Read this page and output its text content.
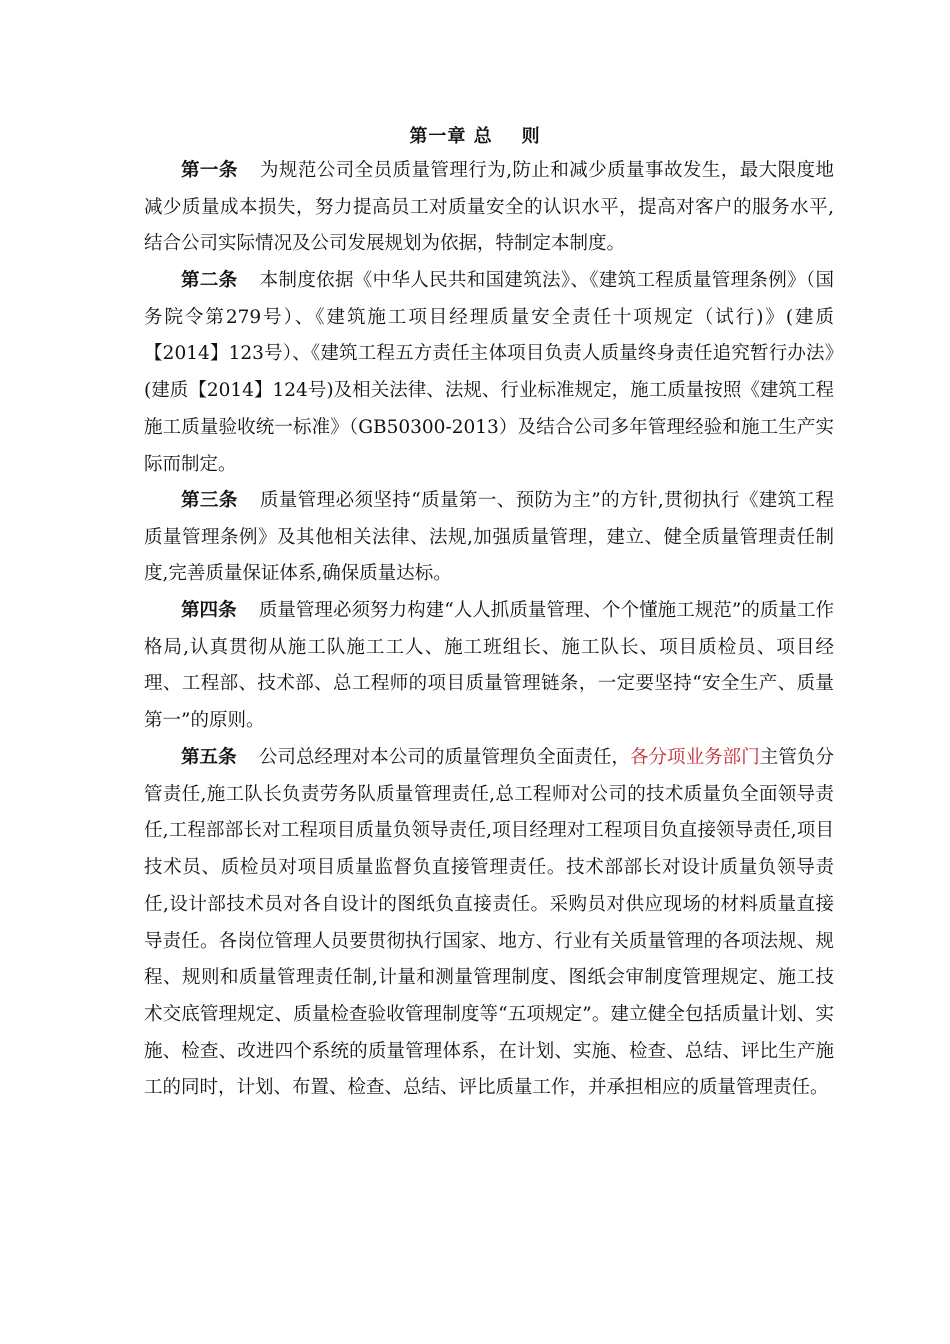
第一章 总    则

第一条 为规范公司全员质量管理行为,防止和减少质量事故发生，最大限度地减少质量成本损失，努力提高员工对质量安全的认识水平，提高对客户的服务水平,结合公司实际情况及公司发展规划为依据，特制定本制度。

第二条 本制度依据《中华人民共和国建筑法》、《建筑工程质量管理条例》（国务院令第279号）、《建筑施工项目经理质量安全责任十项规定（试行)》(建质【2014】123号）、《建筑工程五方责任主体项目负责人质量终身责任追究暂行办法》(建质【2014】124号)及相关法律、法规、行业标准规定，施工质量按照《建筑工程施工质量验收统一标准》（GB50300-2013）及结合公司多年管理经验和施工生产实际而制定。

第三条 质量管理必须坚持“质量第一、预防为主”的方针,贯彻执行《建筑工程质量管理条例》及其他相关法律、法规,加强质量管理，建立、健全质量管理责任制度,完善质量保证体系,确保质量达标。

第四条 质量管理必须努力构建“人人抓质量管理、个个懂施工规范”的质量工作格局,认真贯彻从施工队施工工人、施工班组长、施工队长、项目质检员、项目经理、工程部、技术部、总工程师的项目质量管理链条，一定要坚持“安全生产、质量第一”的原则。

第五条 公司总经理对本公司的质量管理负全面责任，各分项业务部门主管负分管责任,施工队长负责劳务队质量管理责任,总工程师对公司的技术质量负全面领导责任,工程部部长对工程项目质量负领导责任,项目经理对工程项目负直接领导责任,项目技术员、质检员对项目质量监督负直接管理责任。技术部部长对设计质量负领导责任,设计部技术员对各自设计的图纸负直接责任。采购员对供应现场的材料质量直接导责任。各岗位管理人员要贯彻执行国家、地方、行业有关质量管理的各项法规、规程、规则和质量管理责任制,计量和测量管理制度、图纸会审制度管理规定、施工技术交底管理规定、质量检查验收管理制度等“五项规定”。建立健全包括质量计划、实施、检查、改进四个系统的质量管理体系，在计划、实施、检查、总结、评比生产施工的同时，计划、布置、检查、总结、评比质量工作，并承担相应的质量管理责任。
